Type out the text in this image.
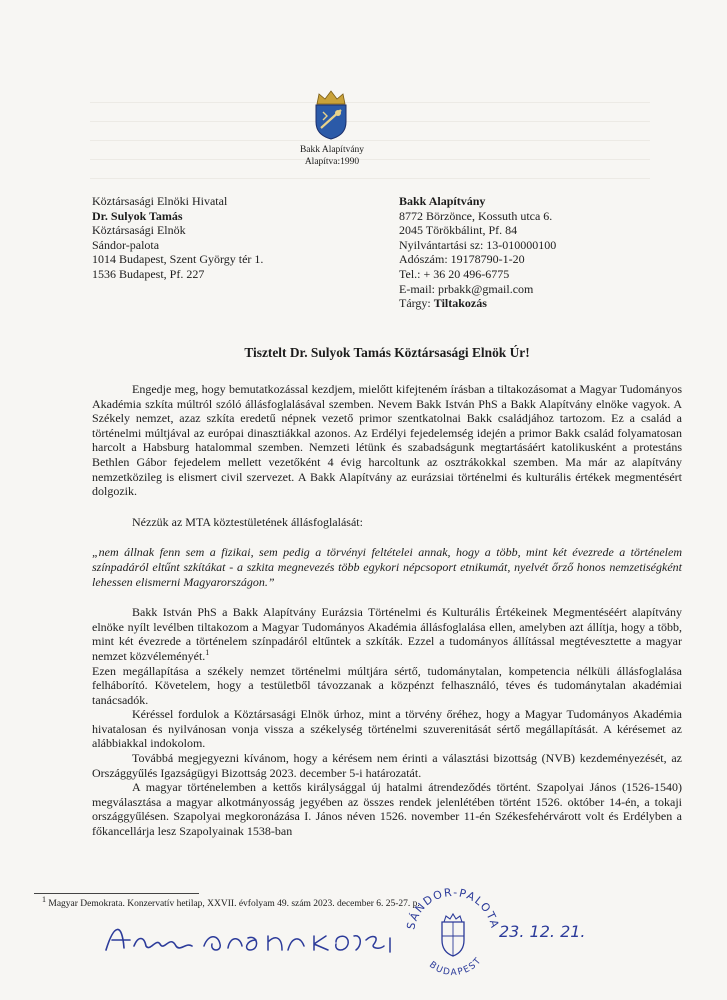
Bakk Alapítvány
Alapítva:1990
Köztársasági Elnöki Hivatal
Dr. Sulyok Tamás
Köztársasági Elnök
Sándor-palota
1014 Budapest, Szent György tér 1.
1536 Budapest, Pf. 227
Bakk Alapítvány
8772 Börzönce, Kossuth utca 6.
2045 Törökbálint, Pf. 84
Nyilvántartási sz: 13-010000100
Adószám: 19178790-1-20
Tel.: + 36 20 496-6775
E-mail: prbakk@gmail.com
Tárgy: Tiltakozás
Tisztelt Dr. Sulyok Tamás Köztársasági Elnök Úr!

Engedje meg, hogy bemutatkozással kezdjem, mielőtt kifejteném írásban a tiltakozásomat a Magyar Tudományos Akadémia szkíta múltról szóló állásfoglalásával szemben. Nevem Bakk István PhS a Bakk Alapítvány elnöke vagyok. A Székely nemzet, azaz szkíta eredetű népnek vezető primor szentkatolnai Bakk családjához tartozom. Ez a család a történelmi múltjával az európai dinasztiákkal azonos. Az Erdélyi fejedelemség idején a primor Bakk család folyamatosan harcolt a Habsburg hatalommal szemben. Nemzeti létünk és szabadságunk megtartásáért katolikusként a protestáns Bethlen Gábor fejedelem mellett vezetőként 4 évig harcoltunk az osztrákokkal szemben. Ma már az alapítvány nemzetközileg is elismert civil szervezet. A Bakk Alapítvány az eurázsiai történelmi és kulturális értékek megmentésért dolgozik.

Nézzük az MTA köztestületének állásfoglalását:

„nem állnak fenn sem a fizikai, sem pedig a törvényi feltételei annak, hogy a több, mint két évezrede a történelem színpadáról eltűnt szkítákat - a szkita megnevezés több egykori népcsoport etnikumát, nyelvét őrző honos nemzetiségként lehessen elismerni Magyarországon.”

Bakk István PhS a Bakk Alapítvány Eurázsia Történelmi és Kulturális Értékeinek Megmentéséért alapítvány elnöke nyílt levélben tiltakozom a Magyar Tudományos Akadémia állásfoglalása ellen, amelyben azt állítja, hogy a több, mint két évezrede a történelem színpadáról eltűntek a szkíták. Ezzel a tudományos állítással megtévesztette a magyar nemzet közvéleményét.$^1$

Ezen megállapítása a székely nemzet történelmi múltjára sértő, tudománytalan, kompetencia nélküli állásfoglalása felháborító. Követelem, hogy a testületből távozzanak a közpénzt felhasználó, téves és tudománytalan akadémiai tanácsadók.

Kéréssel fordulok a Köztársasági Elnök úrhoz, mint a törvény őréhez, hogy a Magyar Tudományos Akadémia hivatalosan és nyilvánosan vonja vissza a székelység történelmi szuverenitását sértő megállapítását. A kérésemet az alábbiakkal indokolom.

Továbbá megjegyezni kívánom, hogy a kérésem nem érinti a választási bizottság (NVB) kezdeményezését, az Országgyűlés Igazságügyi Bizottság 2023. december 5-i határozatát.

A magyar történelemben a kettős királysággal új hatalmi átrendeződés történt. Szapolyai János (1526-1540) megválasztása a magyar alkotmányosság jegyében az összes rendek jelenlétében történt 1526. október 14-én, a tokaji országgyűlésen. Szapolyai megkoronázása I. János néven 1526. november 11-én Székesfehérvárott volt és Erdélyben a főkancellárja lesz Szapolyainak 1538-ban

$^1$ Magyar Demokrata. Konzervatív hetilap, XXVII. évfolyam 49. szám 2023. december 6. 25-27. p.
SÁNDOR-PALOTA
BUDAPEST
23. 12. 21.
